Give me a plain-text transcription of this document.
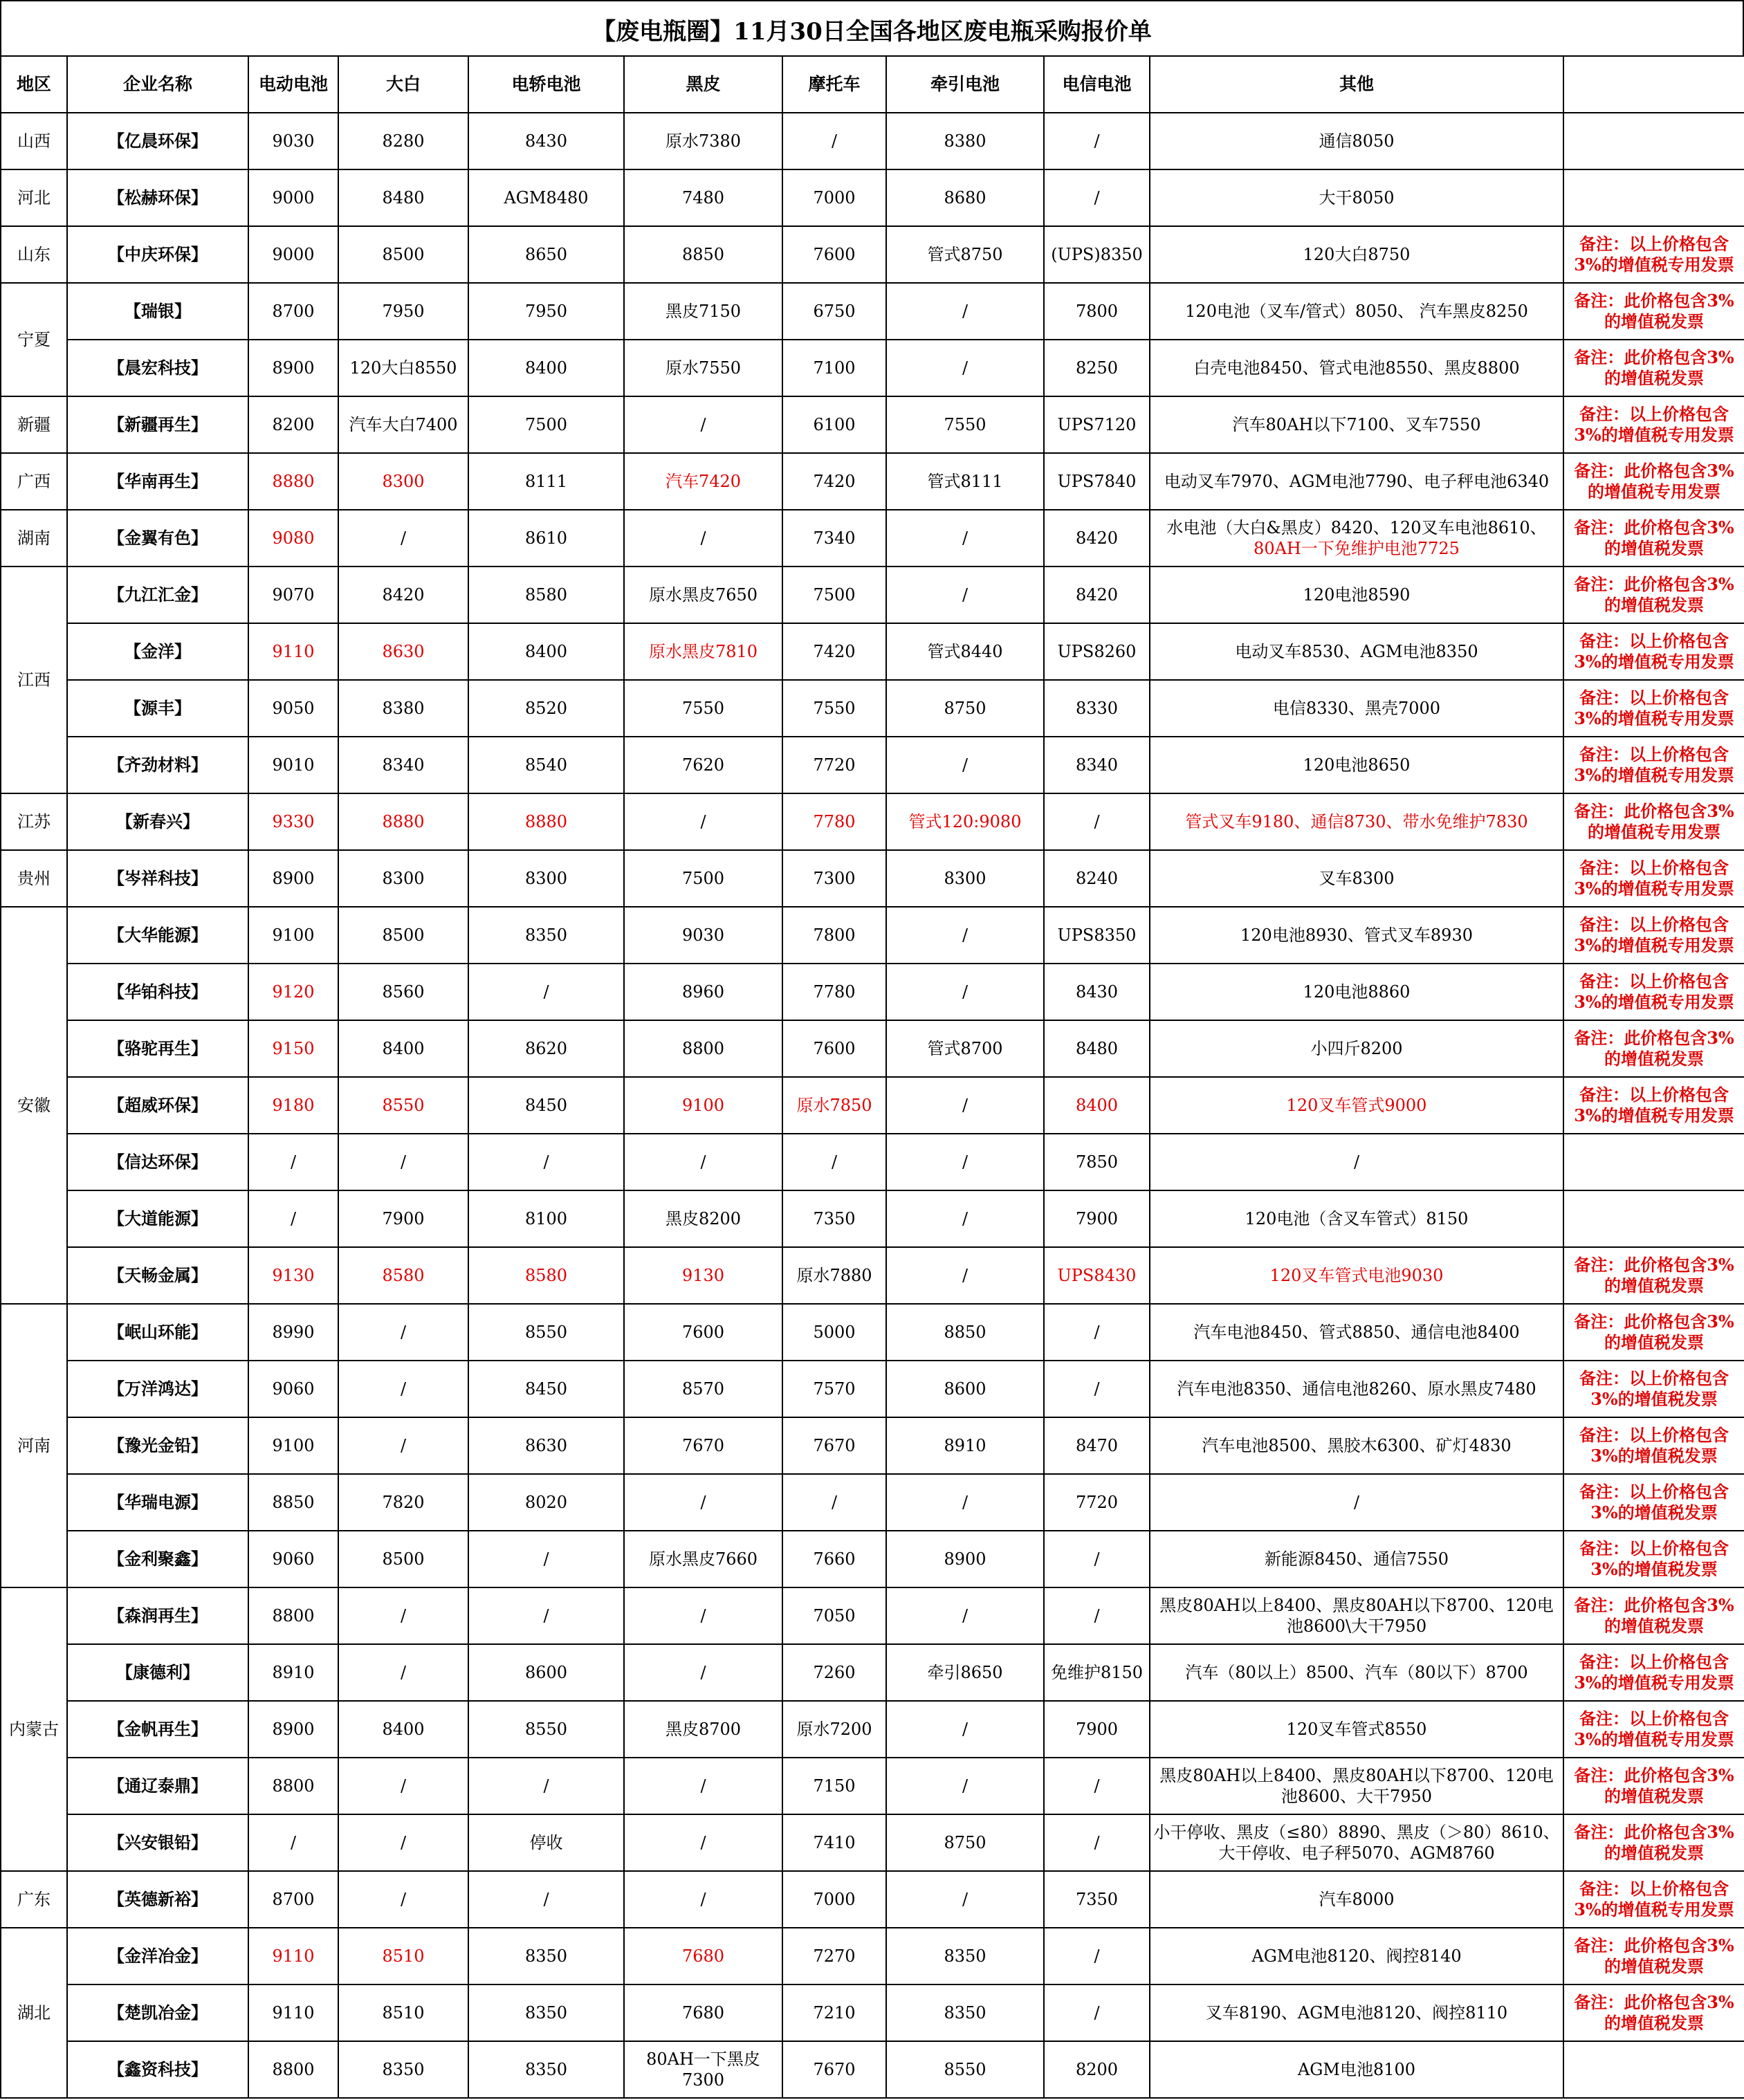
【废电瓶圈】11月30日全国各地区废电瓶采购报价单
地区	企业名称	电动电池	大白	电轿电池	黑皮	摩托车	牵引电池	电信电池	其他	
山西	【亿晨环保】	9030	8280	8430	原水7380	/	8380	/	通信8050	
河北	【松赫环保】	9000	8480	AGM8480	7480	7000	8680	/	大干8050	
山东	【中庆环保】	9000	8500	8650	8850	7600	管式8750	(UPS)8350	120大白8750	备注：以上价格包含3%的增值税专用发票
宁夏	【瑞银】	8700	7950	7950	黑皮7150	6750	/	7800	120电池（叉车/管式）8050、 汽车黑皮8250	备注：此价格包含3%的增值税发票
	【晨宏科技】	8900	120大白8550	8400	原水7550	7100	/	8250	白壳电池8450、管式电池8550、黑皮8800	备注：此价格包含3%的增值税发票
新疆	【新疆再生】	8200	汽车大白7400	7500	/	6100	7550	UPS7120	汽车80AH以下7100、叉车7550	备注：以上价格包含3%的增值税专用发票
广西	【华南再生】	8880	8300	8111	汽车7420	7420	管式8111	UPS7840	电动叉车7970、AGM电池7790、电子秤电池6340	备注：此价格包含3%的增值税专用发票
湖南	【金翼有色】	9080	/	8610	/	7340	/	8420	水电池（大白&黑皮）8420、120叉车电池8610、80AH一下免维护电池7725	备注：此价格包含3%的增值税发票
江西	【九江汇金】	9070	8420	8580	原水黑皮7650	7500	/	8420	120电池8590	备注：此价格包含3%的增值税发票
	【金洋】	9110	8630	8400	原水黑皮7810	7420	管式8440	UPS8260	电动叉车8530、AGM电池8350	备注：以上价格包含3%的增值税专用发票
	【源丰】	9050	8380	8520	7550	7550	8750	8330	电信8330、黑壳7000	备注：以上价格包含3%的增值税专用发票
	【齐劲材料】	9010	8340	8540	7620	7720	/	8340	120电池8650	备注：以上价格包含3%的增值税专用发票
江苏	【新春兴】	9330	8880	8880	/	7780	管式120:9080	/	管式叉车9180、通信8730、带水免维护7830	备注：此价格包含3%的增值税专用发票
贵州	【岑祥科技】	8900	8300	8300	7500	7300	8300	8240	叉车8300	备注：以上价格包含3%的增值税专用发票
安徽	【大华能源】	9100	8500	8350	9030	7800	/	UPS8350	120电池8930、管式叉车8930	备注：以上价格包含3%的增值税专用发票
	【华铂科技】	9120	8560	/	8960	7780	/	8430	120电池8860	备注：以上价格包含3%的增值税专用发票
	【骆驼再生】	9150	8400	8620	8800	7600	管式8700	8480	小四斤8200	备注：此价格包含3%的增值税发票
	【超威环保】	9180	8550	8450	9100	原水7850	/	8400	120叉车管式9000	备注：以上价格包含3%的增值税专用发票
	【信达环保】	/	/	/	/	/	/	7850	/	
	【大道能源】	/	7900	8100	黑皮8200	7350	/	7900	120电池（含叉车管式）8150	
	【天畅金属】	9130	8580	8580	9130	原水7880	/	UPS8430	120叉车管式电池9030	备注：此价格包含3%的增值税发票
河南	【岷山环能】	8990	/	8550	7600	5000	8850	/	汽车电池8450、管式8850、通信电池8400	备注：此价格包含3%的增值税发票
	【万洋鸿达】	9060	/	8450	8570	7570	8600	/	汽车电池8350、通信电池8260、原水黑皮7480	备注：以上价格包含3%的增值税发票
	【豫光金铅】	9100	/	8630	7670	7670	8910	8470	汽车电池8500、黑胶木6300、矿灯4830	备注：以上价格包含3%的增值税发票
	【华瑞电源】	8850	7820	8020	/	/	/	7720	/	备注：以上价格包含3%的增值税发票
	【金利聚鑫】	9060	8500	/	原水黑皮7660	7660	8900	/	新能源8450、通信7550	备注：以上价格包含3%的增值税发票
内蒙古	【森润再生】	8800	/	/	/	7050	/	/	黑皮80AH以上8400、黑皮80AH以下8700、120电池8600\大干7950	备注：此价格包含3%的增值税发票
	【康德利】	8910	/	8600	/	7260	牵引8650	免维护8150	汽车（80以上）8500、汽车（80以下）8700	备注：以上价格包含3%的增值税专用发票
	【金帆再生】	8900	8400	8550	黑皮8700	原水7200	/	7900	120叉车管式8550	备注：以上价格包含3%的增值税专用发票
	【通辽泰鼎】	8800	/	/	/	7150	/	/	黑皮80AH以上8400、黑皮80AH以下8700、120电池8600、大干7950	备注：此价格包含3%的增值税发票
	【兴安银铅】	/	/	停收	/	7410	8750	/	小干停收、黑皮（≤80）8890、黑皮（＞80）8610、大干停收、电子秤5070、AGM8760	备注：此价格包含3%的增值税发票
广东	【英德新裕】	8700	/	/	/	7000	/	7350	汽车8000	备注：以上价格包含3%的增值税专用发票
湖北	【金洋冶金】	9110	8510	8350	7680	7270	8350	/	AGM电池8120、阀控8140	备注：此价格包含3%的增值税发票
	【楚凯冶金】	9110	8510	8350	7680	7210	8350	/	叉车8190、AGM电池8120、阀控8110	备注：此价格包含3%的增值税发票
	【鑫资科技】	8800	8350	8350	80AH一下黑皮7300	7670	8550	8200	AGM电池8100	
